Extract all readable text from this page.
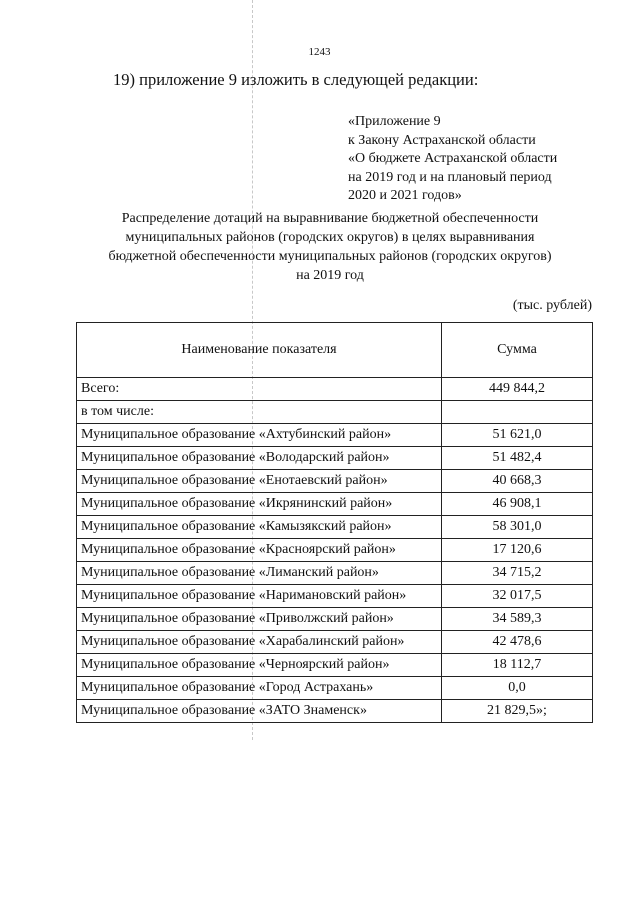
1243
19) приложение 9 изложить в следующей редакции:
«Приложение 9
к Закону Астраханской области
«О бюджете Астраханской области
на 2019 год и на плановый период
2020 и 2021 годов»
Распределение дотаций на выравнивание бюджетной обеспеченности
муниципальных районов (городских округов) в целях выравнивания
бюджетной обеспеченности муниципальных районов (городских округов)
на 2019 год
(тыс. рублей)
Наименование показателя	Сумма
Всего:	449 844,2
в том числе:	
Муниципальное образование «Ахтубинский район»	51 621,0
Муниципальное образование «Володарский район»	51 482,4
Муниципальное образование «Енотаевский район»	40 668,3
Муниципальное образование «Икрянинский район»	46 908,1
Муниципальное образование «Камызякский район»	58 301,0
Муниципальное образование «Красноярский район»	17 120,6
Муниципальное образование «Лиманский район»	34 715,2
Муниципальное образование «Наримановский район»	32 017,5
Муниципальное образование «Приволжский район»	34 589,3
Муниципальное образование «Харабалинский район»	42 478,6
Муниципальное образование «Черноярский район»	18 112,7
Муниципальное образование «Город Астрахань»	0,0
Муниципальное образование «ЗАТО Знаменск»	21 829,5»;
